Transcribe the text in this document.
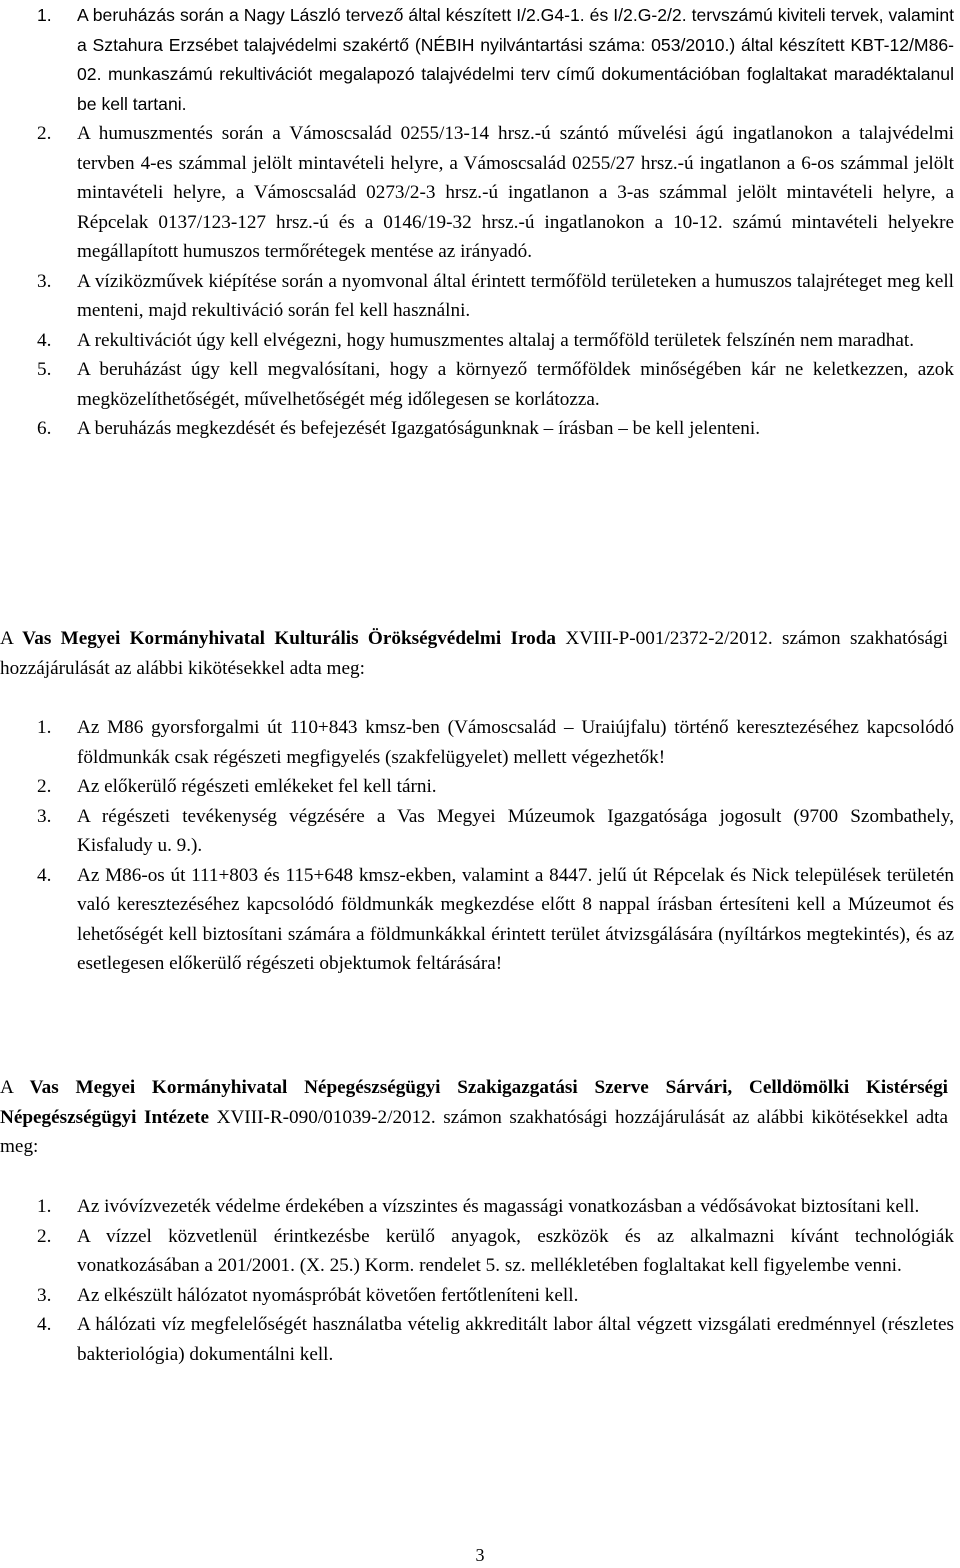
1. A beruházás során a Nagy László tervező által készített I/2.G4-1. és I/2.G-2/2. tervszámú kiviteli tervek, valamint a Sztahura Erzsébet talajvédelmi szakértő (NÉBIH nyilvántartási száma: 053/2010.) által készített KBT-12/M86-02. munkaszámú rekultivációt megalapozó talajvédelmi terv című dokumentációban foglaltakat maradéktalanul be kell tartani.
2. A humuszmentés során a Vámoscsalád 0255/13-14 hrsz.-ú szántó művelési ágú ingatlanokon a talajvédelmi tervben 4-es számmal jelölt mintavételi helyre, a Vámoscsalád 0255/27 hrsz.-ú ingatlanon a 6-os számmal jelölt mintavételi helyre, a Vámoscsalád 0273/2-3 hrsz.-ú ingatlanon a 3-as számmal jelölt mintavételi helyre, a Répcelak 0137/123-127 hrsz.-ú és a 0146/19-32 hrsz.-ú ingatlanokon a 10-12. számú mintavételi helyekre megállapított humuszos termőrétegek mentése az irányadó.
3. A víziközművek kiépítése során a nyomvonal által érintett termőföld területeken a humuszos talajréteget meg kell menteni, majd rekultiváció során fel kell használni.
4. A rekultivációt úgy kell elvégezni, hogy humuszmentes altalaj a termőföld területek felszínén nem maradhat.
5. A beruházást úgy kell megvalósítani, hogy a környező termőföldek minőségében kár ne keletkezzen, azok megközelíthetőségét, művelhetőségét még időlegesen se korlátozza.
6. A beruházás megkezdését és befejezését Igazgatóságunknak – írásban – be kell jelenteni.

A Vas Megyei Kormányhivatal Kulturális Örökségvédelmi Iroda XVIII-P-001/2372-2/2012. számon szakhatósági hozzájárulását az alábbi kikötésekkel adta meg:

1. Az M86 gyorsforgalmi út 110+843 kmsz-ben (Vámoscsalád – Uraiújfalu) történő keresztezéséhez kapcsolódó földmunkák csak régészeti megfigyelés (szakfelügyelet) mellett végezhetők!
2. Az előkerülő régészeti emlékeket fel kell tárni.
3. A régészeti tevékenység végzésére a Vas Megyei Múzeumok Igazgatósága jogosult (9700 Szombathely, Kisfaludy u. 9.).
4. Az M86-os út 111+803 és 115+648 kmsz-ekben, valamint a 8447. jelű út Répcelak és Nick települések területén való keresztezéséhez kapcsolódó földmunkák megkezdése előtt 8 nappal írásban értesíteni kell a Múzeumot és lehetőségét kell biztosítani számára a földmunkákkal érintett terület átvizsgálására (nyíltárkos megtekintés), és az esetlegesen előkerülő régészeti objektumok feltárására!

A Vas Megyei Kormányhivatal Népegészségügyi Szakigazgatási Szerve Sárvári, Celldömölki Kistérségi Népegészségügyi Intézete XVIII-R-090/01039-2/2012. számon szakhatósági hozzájárulását az alábbi kikötésekkel adta meg:

1. Az ivóvízvezeték védelme érdekében a vízszintes és magassági vonatkozásban a védősávokat biztosítani kell.
2. A vízzel közvetlenül érintkezésbe kerülő anyagok, eszközök és az alkalmazni kívánt technológiák vonatkozásában a 201/2001. (X. 25.) Korm. rendelet 5. sz. mellékletében foglaltakat kell figyelembe venni.
3. Az elkészült hálózatot nyomáspróbát követően fertőtleníteni kell.
4. A hálózati víz megfelelőségét használatba vételig akkreditált labor által végzett vizsgálati eredménnyel (részletes bakteriológia) dokumentálni kell.
3
